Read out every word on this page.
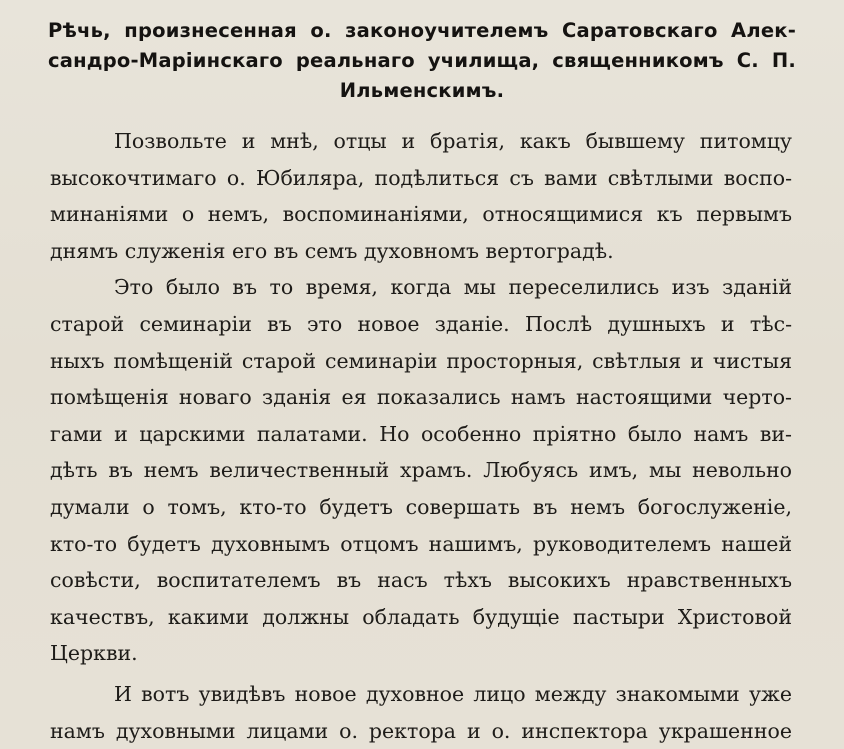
Рѣчь, произнесенная о. законоучителемъ Саратовскаго Алек-
сандро-Маріинскаго реальнаго училища, священникомъ С. П.
Ильменскимъ.
Позвольте и мнѣ, отцы и братія, какъ бывшему питомцу
высокочтимаго о. Юбиляра, подѣлиться съ вами свѣтлыми воспо-
минаніями о немъ, воспоминаніями, относящимися къ первымъ
днямъ служенія его въ семъ духовномъ вертоградѣ.
Это было въ то время, когда мы переселились изъ зданій
старой семинаріи въ это новое зданіе. Послѣ душныхъ и тѣс-
ныхъ помѣщеній старой семинаріи просторныя, свѣтлыя и чистыя
помѣщенія новаго зданія ея показались намъ настоящими черто-
гами и царскими палатами. Но особенно пріятно было намъ ви-
дѣть въ немъ величественный храмъ. Любуясь имъ, мы невольно
думали о томъ, кто-то будетъ совершать въ немъ богослуженіе,
кто-то будетъ духовнымъ отцомъ нашимъ, руководителемъ нашей
совѣсти, воспитателемъ въ насъ тѣхъ высокихъ нравственныхъ
качествъ, какими должны обладать будущіе пастыри Христовой
Церкви.
И вотъ увидѣвъ новое духовное лицо между знакомыми уже
намъ духовными лицами о. ректора и о. инспектора украшенное
